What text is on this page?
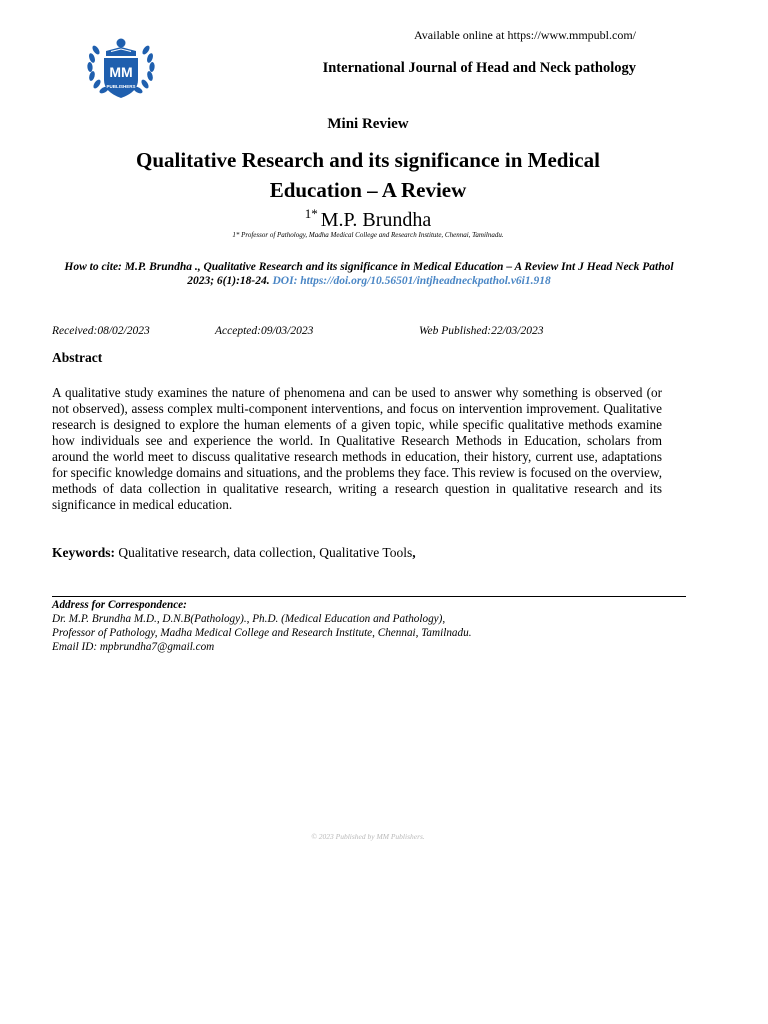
MM
PUBLISHERS
Available online at https://www.mmpubl.com/
International Journal of Head and Neck pathology
Mini Review
Qualitative Research and its significance in Medical
Education – A Review
$^{1*}$ M.P. Brundha
1* Professor of Pathology, Madha Medical College and Research Institute, Chennai, Tamilnadu.
How to cite: M.P. Brundha ., Qualitative Research and its significance in Medical Education – A Review Int J Head Neck Pathol 2023; 6(1):18-24. DOI: https://doi.org/10.56501/intjheadneckpathol.v6i1.918
Received:08/02/2023	Accepted:09/03/2023	Web Published:22/03/2023
Abstract
A qualitative study examines the nature of phenomena and can be used to answer why something is observed (or not observed), assess complex multi-component interventions, and focus on intervention improvement. Qualitative research is designed to explore the human elements of a given topic, while specific qualitative methods examine how individuals see and experience the world. In Qualitative Research Methods in Education, scholars from around the world meet to discuss qualitative research methods in education, their history, current use, adaptations for specific knowledge domains and situations, and the problems they face. This review is focused on the overview, methods of data collection in qualitative research, writing a research question in qualitative research and its significance in medical education.
Keywords: Qualitative research, data collection, Qualitative Tools,
Address for Correspondence:
Dr. M.P. Brundha M.D., D.N.B(Pathology)., Ph.D. (Medical Education and Pathology),
Professor of Pathology, Madha Medical College and Research Institute, Chennai, Tamilnadu.
Email ID: mpbrundha7@gmail.com
© 2023 Published by MM Publishers.
